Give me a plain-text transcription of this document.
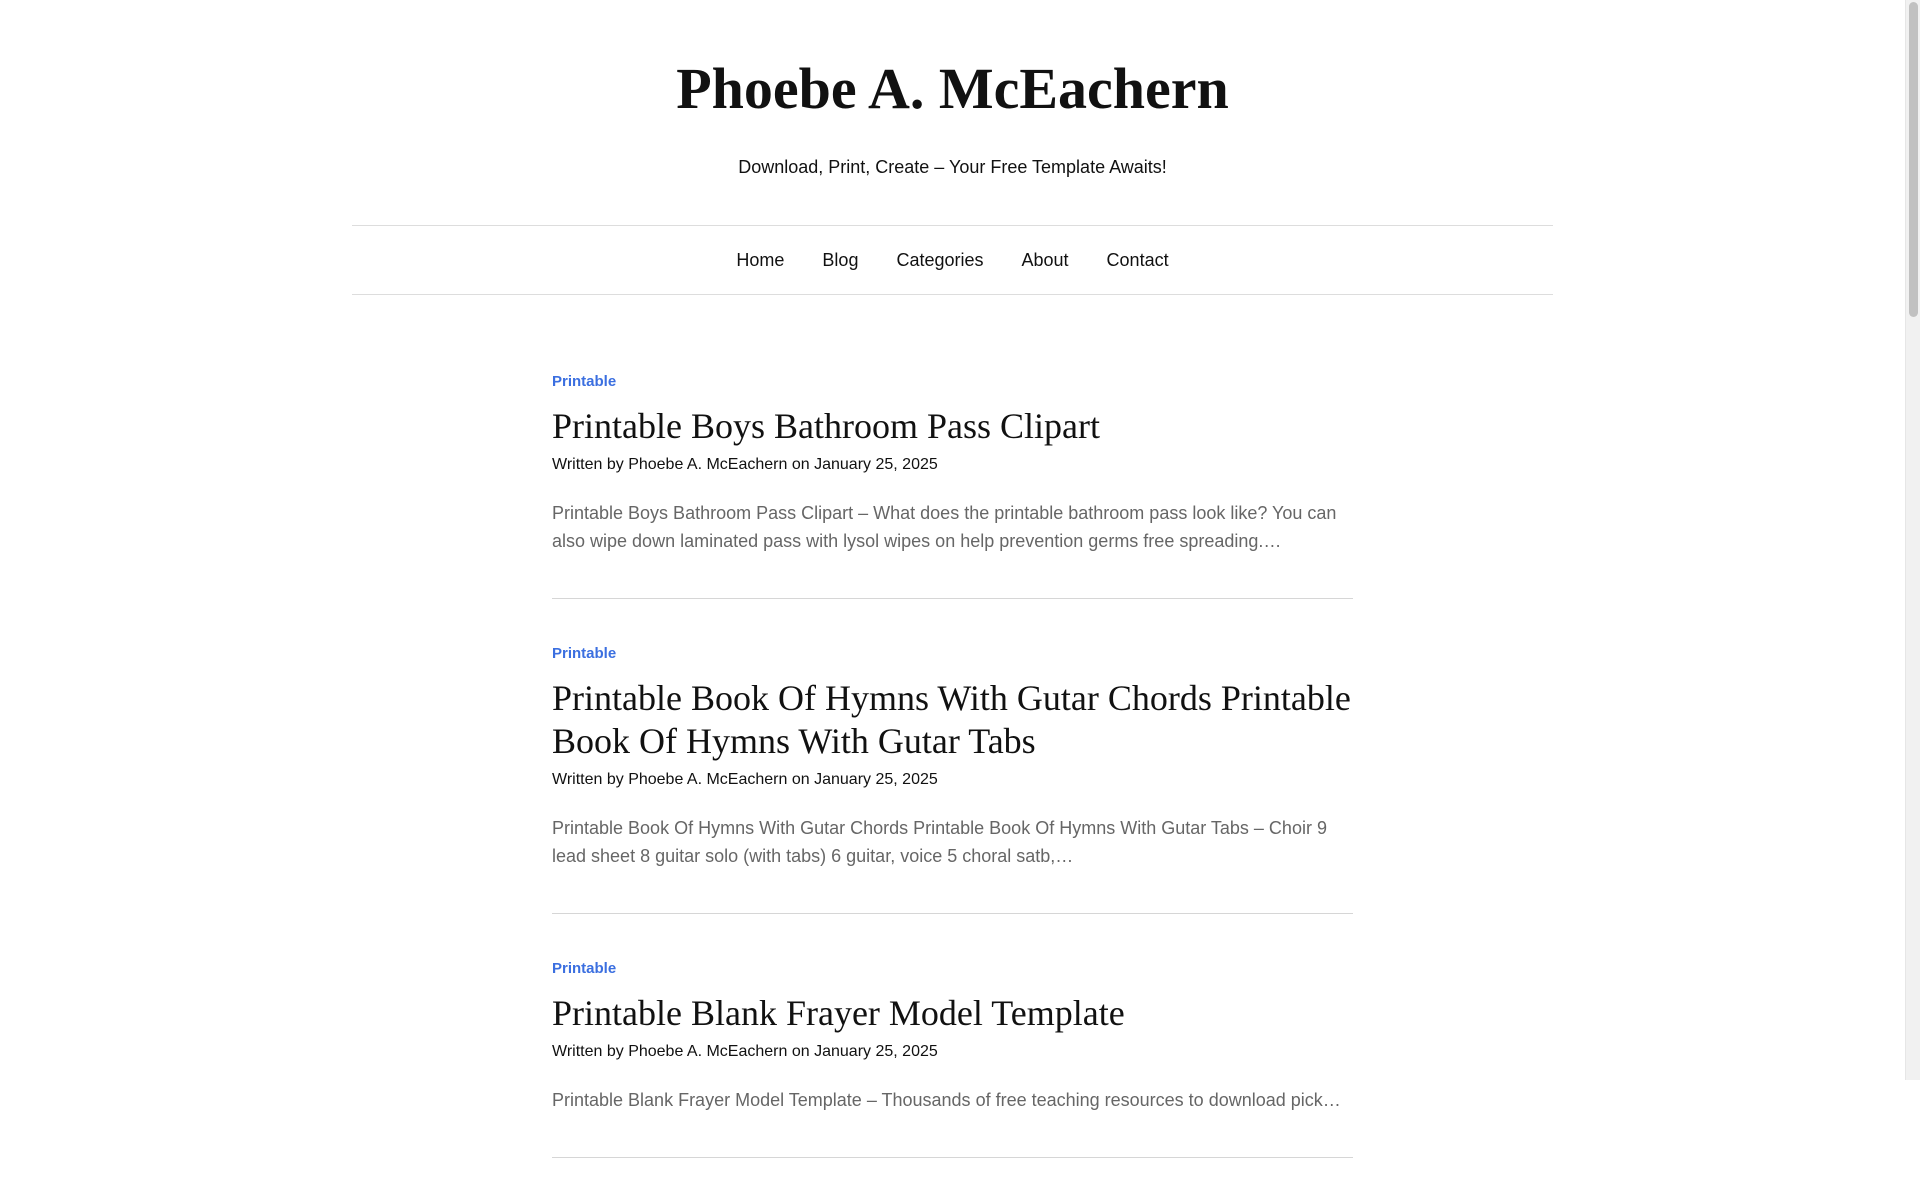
Phoebe A. McEachern
Download, Print, Create – Your Free Template Awaits!
Home	Blog	Categories	About	Contact
Printable
Printable Boys Bathroom Pass Clipart
Written by Phoebe A. McEachern on January 25, 2025
Printable Boys Bathroom Pass Clipart – What does the printable bathroom pass look like? You can also wipe down laminated pass with lysol wipes on help prevention germs free spreading.…
Printable
Printable Book Of Hymns With Gutar Chords Printable Book Of Hymns With Gutar Tabs
Written by Phoebe A. McEachern on January 25, 2025
Printable Book Of Hymns With Gutar Chords Printable Book Of Hymns With Gutar Tabs – Choir 9 lead sheet 8 guitar solo (with tabs) 6 guitar, voice 5 choral satb,…
Printable
Printable Blank Frayer Model Template
Written by Phoebe A. McEachern on January 25, 2025
Printable Blank Frayer Model Template – Thousands of free teaching resources to download pick…
